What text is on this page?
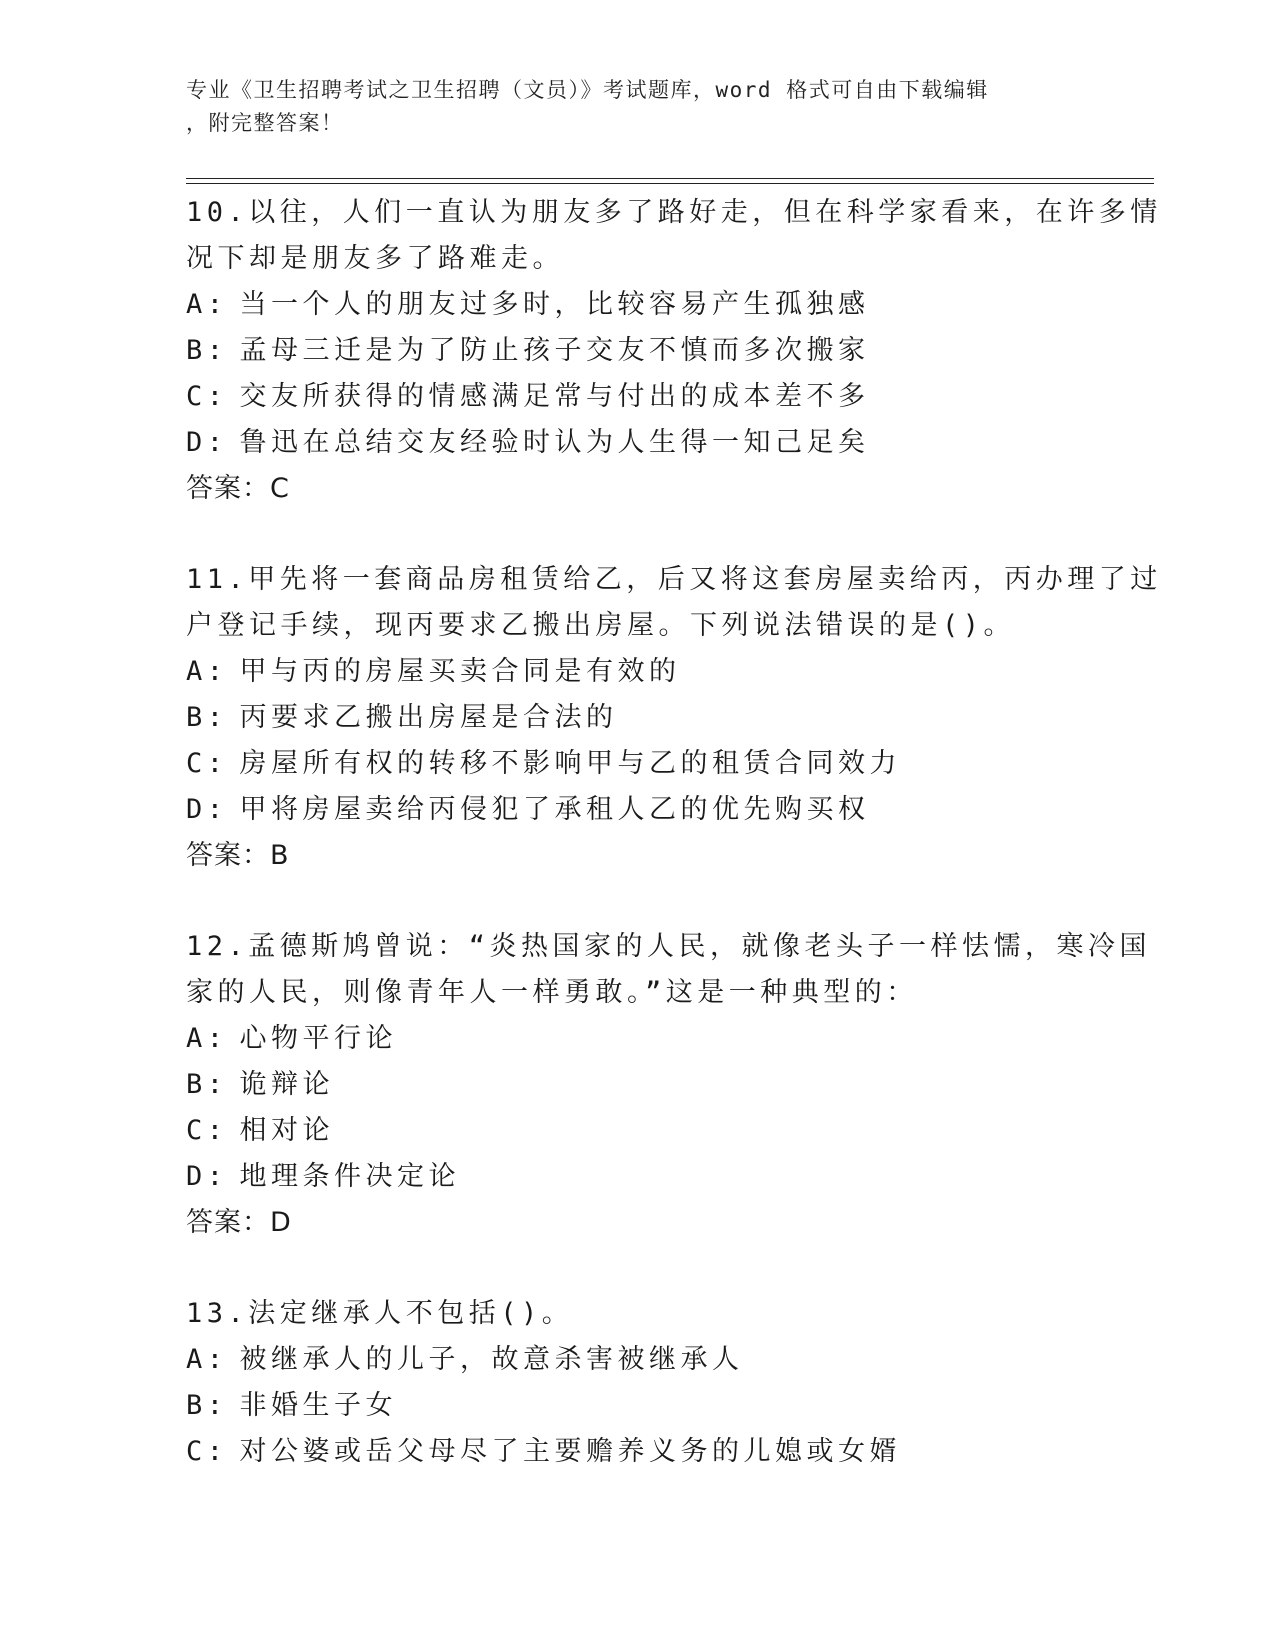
专业《卫生招聘考试之卫生招聘（文员）》考试题库，word 格式可自由下载编辑
，附完整答案！
10.以往，人们一直认为朋友多了路好走，但在科学家看来，在许多情
况下却是朋友多了路难走。
A: 当一个人的朋友过多时，比较容易产生孤独感
B: 孟母三迁是为了防止孩子交友不慎而多次搬家
C: 交友所获得的情感满足常与付出的成本差不多
D: 鲁迅在总结交友经验时认为人生得一知己足矣
答案：C
11.甲先将一套商品房租赁给乙，后又将这套房屋卖给丙，丙办理了过
户登记手续，现丙要求乙搬出房屋。下列说法错误的是()。
A: 甲与丙的房屋买卖合同是有效的
B: 丙要求乙搬出房屋是合法的
C: 房屋所有权的转移不影响甲与乙的租赁合同效力
D: 甲将房屋卖给丙侵犯了承租人乙的优先购买权
答案：B
12.孟德斯鸠曾说：“炎热国家的人民，就像老头子一样怯懦，寒冷国
家的人民，则像青年人一样勇敢。”这是一种典型的：
A: 心物平行论
B: 诡辩论
C: 相对论
D: 地理条件决定论
答案：D
13.法定继承人不包括()。
A: 被继承人的儿子，故意杀害被继承人
B: 非婚生子女
C: 对公婆或岳父母尽了主要赡养义务的儿媳或女婿
